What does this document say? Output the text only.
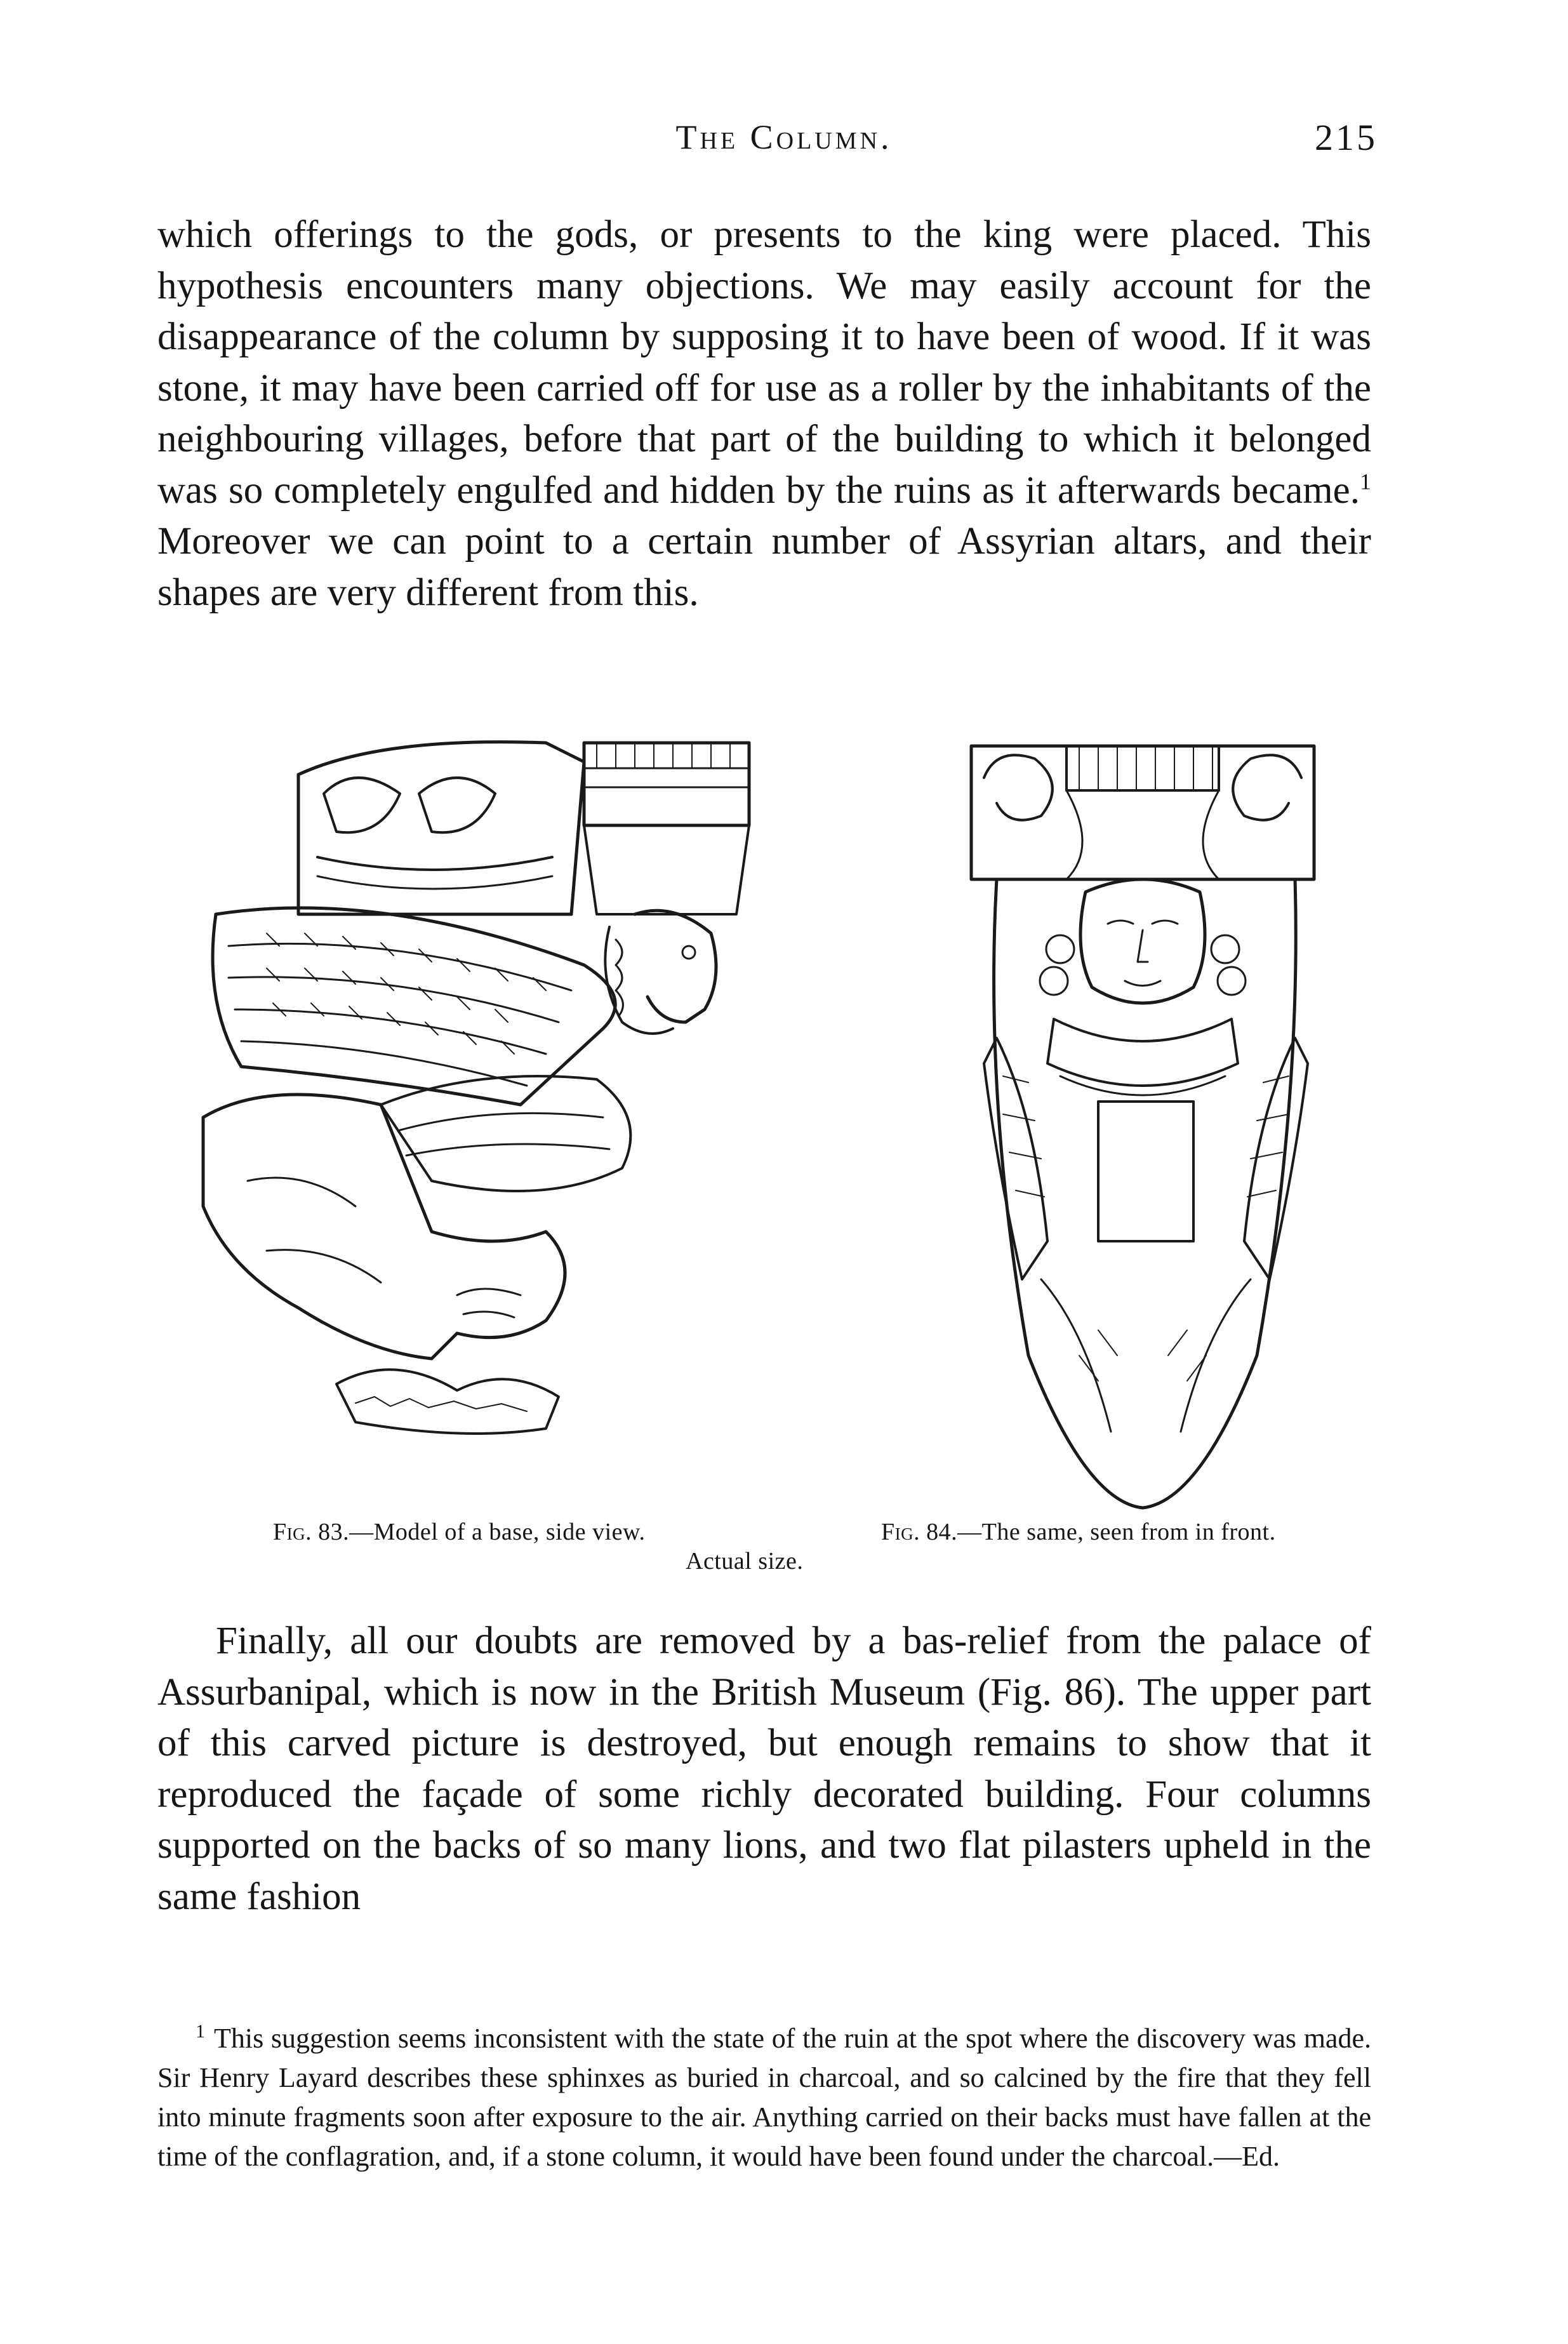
The Column.	215

which offerings to the gods, or presents to the king were placed. This hypothesis encounters many objections. We may easily account for the disappearance of the column by supposing it to have been of wood. If it was stone, it may have been carried off for use as a roller by the inhabitants of the neighbouring villages, before that part of the building to which it belonged was so completely engulfed and hidden by the ruins as it afterwards became.$^1$ Moreover we can point to a certain number of Assyrian altars, and their shapes are very different from this.

Fig. 83.—Model of a base, side view.
Actual size.
Fig. 84.—The same, seen from in front.

Finally, all our doubts are removed by a bas-relief from the palace of Assurbanipal, which is now in the British Museum (Fig. 86). The upper part of this carved picture is destroyed, but enough remains to show that it reproduced the façade of some richly decorated building. Four columns supported on the backs of so many lions, and two flat pilasters upheld in the same fashion

$^1$ This suggestion seems inconsistent with the state of the ruin at the spot where the discovery was made. Sir Henry Layard describes these sphinxes as buried in charcoal, and so calcined by the fire that they fell into minute fragments soon after exposure to the air. Anything carried on their backs must have fallen at the time of the conflagration, and, if a stone column, it would have been found under the charcoal.—Ed.
